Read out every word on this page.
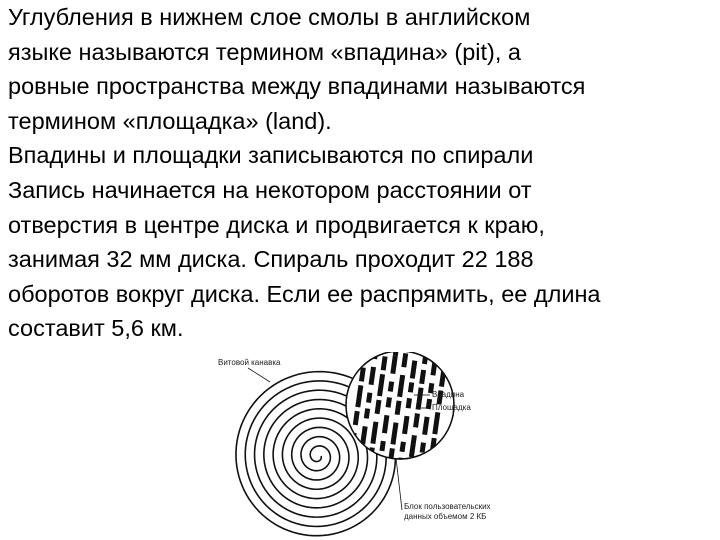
Углубления в нижнем слое смолы в английском
языке называются термином «впадина» (pit), а
ровные пространства между впадинами называются
термином «площадка» (land).
Впадины и площадки записываются по спирали
Запись начинается на некотором расстоянии от
отверстия в центре диска и продвигается к краю,
занимая 32 мм диска. Спираль проходит 22 188
оборотов вокруг диска. Если ее распрямить, ее длина
составит 5,6 км.
Витовой канавка
Впадина
Площадка
Блок пользовательских
данных объемом 2 КБ
